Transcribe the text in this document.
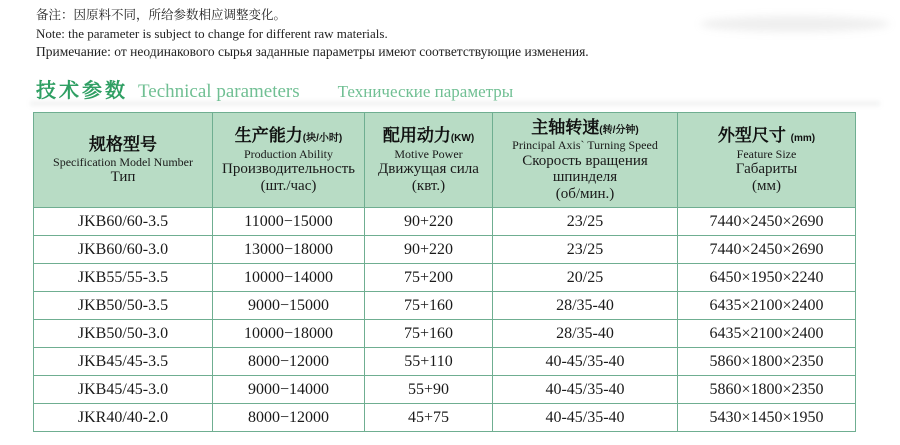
备注：因原料不同，所给参数相应调整变化。
Note: the parameter is subject to change for different raw materials.
Примечание: от неодинакового сырья заданные параметры имеют соответствующие изменения.
技术参数 Technical parameters Технические параметры
规格型号
Specification Model Number
Тип

生产能力(块/小时)
Production Ability
Производительность
(шт./час)

配用动力(KW)
Motive Power
Движущая сила
(квт.)

主轴转速(转/分钟)
Principal Axis` Turning Speed
Скорость вращения шпинделя
(об/мин.)

外型尺寸 (mm)
Feature Size
Габариты
(мм)

JKB60/60-3.5	11000−15000	90+220	23/25	7440×2450×2690
JKB60/60-3.0	13000−18000	90+220	23/25	7440×2450×2690
JKB55/55-3.5	10000−14000	75+200	20/25	6450×1950×2240
JKB50/50-3.5	9000−15000	75+160	28/35-40	6435×2100×2400
JKB50/50-3.0	10000−18000	75+160	28/35-40	6435×2100×2400
JKB45/45-3.5	8000−12000	55+110	40-45/35-40	5860×1800×2350
JKB45/45-3.0	9000−14000	55+90	40-45/35-40	5860×1800×2350
JKR40/40-2.0	8000−12000	45+75	40-45/35-40	5430×1450×1950
